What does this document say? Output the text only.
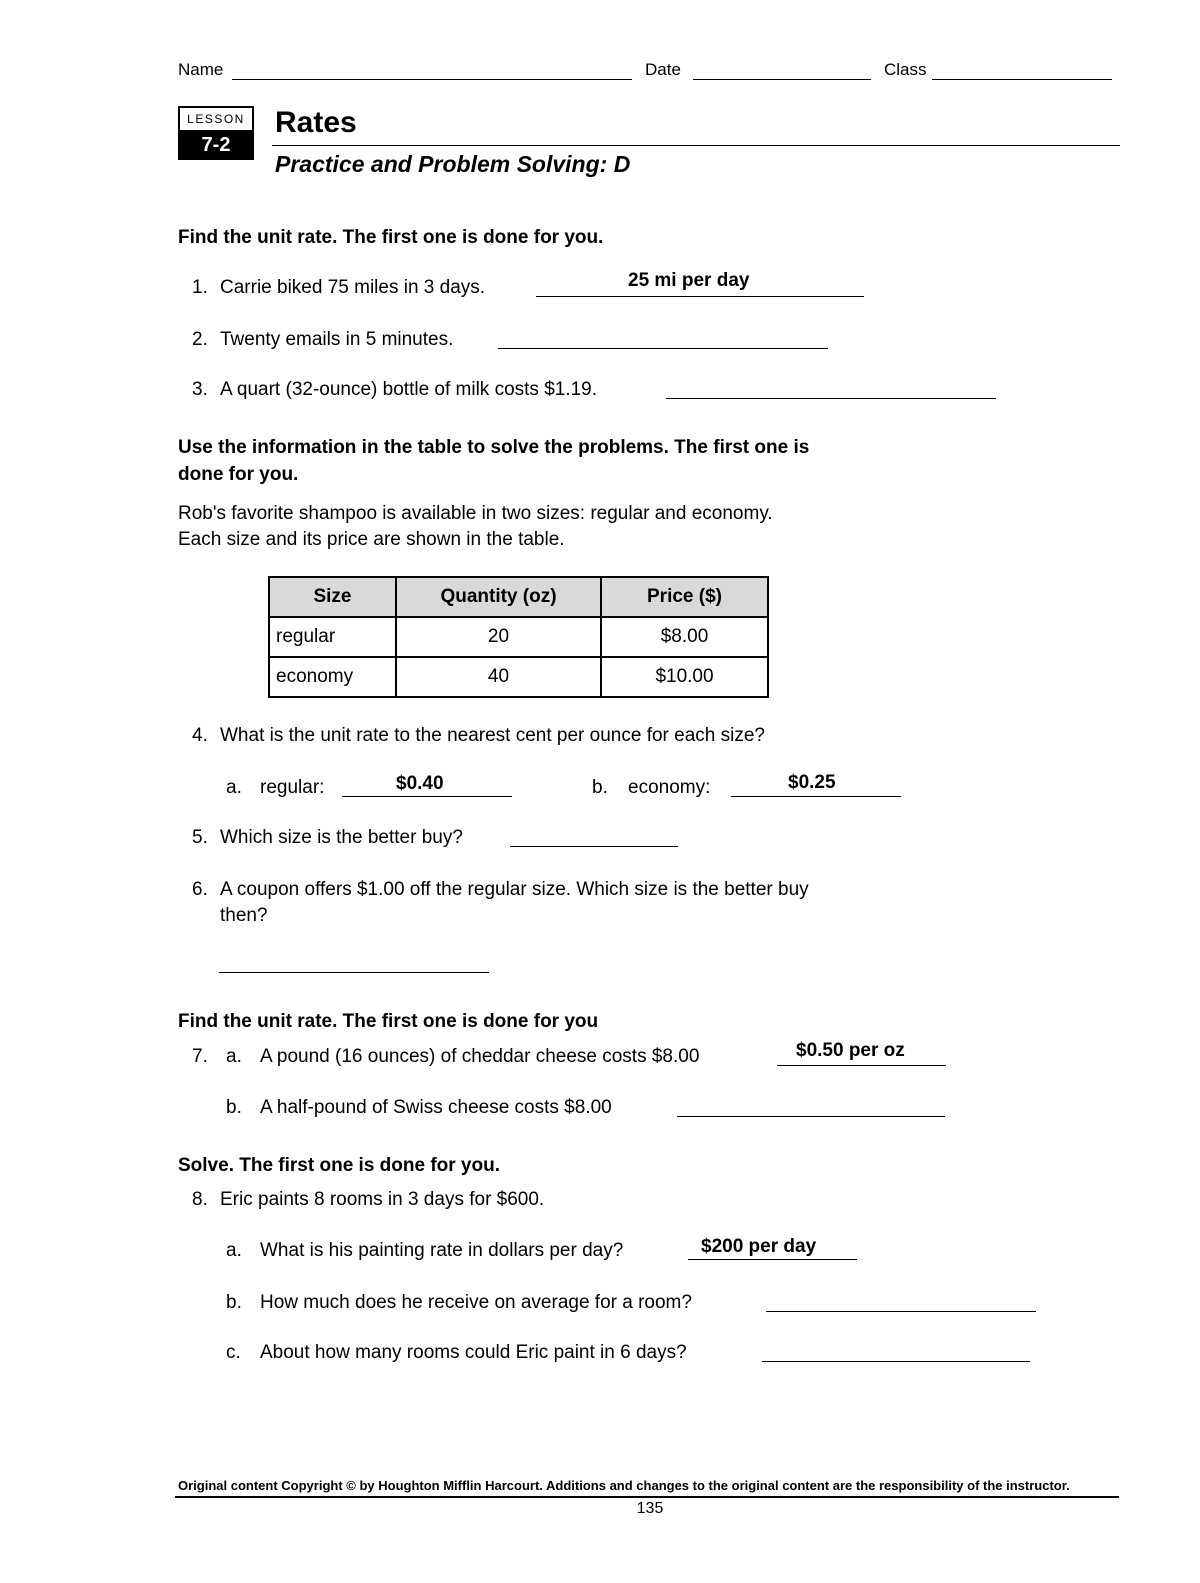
Name	Date	Class
LESSON
7-2
Rates
Practice and Problem Solving: D
Find the unit rate. The first one is done for you.
1. Carrie biked 75 miles in 3 days.	25 mi per day
2. Twenty emails in 5 minutes.
3. A quart (32-ounce) bottle of milk costs $1.19.
Use the information in the table to solve the problems. The first one is
done for you.
Rob's favorite shampoo is available in two sizes: regular and economy.
Each size and its price are shown in the table.
Size	Quantity (oz)	Price ($)
regular	20	$8.00
economy	40	$10.00
4. What is the unit rate to the nearest cent per ounce for each size?
a. regular:	$0.40	b. economy:	$0.25
5. Which size is the better buy?
6. A coupon offers $1.00 off the regular size. Which size is the better buy
then?
Find the unit rate. The first one is done for you
7. a. A pound (16 ounces) of cheddar cheese costs $8.00	$0.50 per oz
b. A half-pound of Swiss cheese costs $8.00
Solve. The first one is done for you.
8. Eric paints 8 rooms in 3 days for $600.
a. What is his painting rate in dollars per day?	$200 per day
b. How much does he receive on average for a room?
c. About how many rooms could Eric paint in 6 days?
Original content Copyright © by Houghton Mifflin Harcourt. Additions and changes to the original content are the responsibility of the instructor.
135
